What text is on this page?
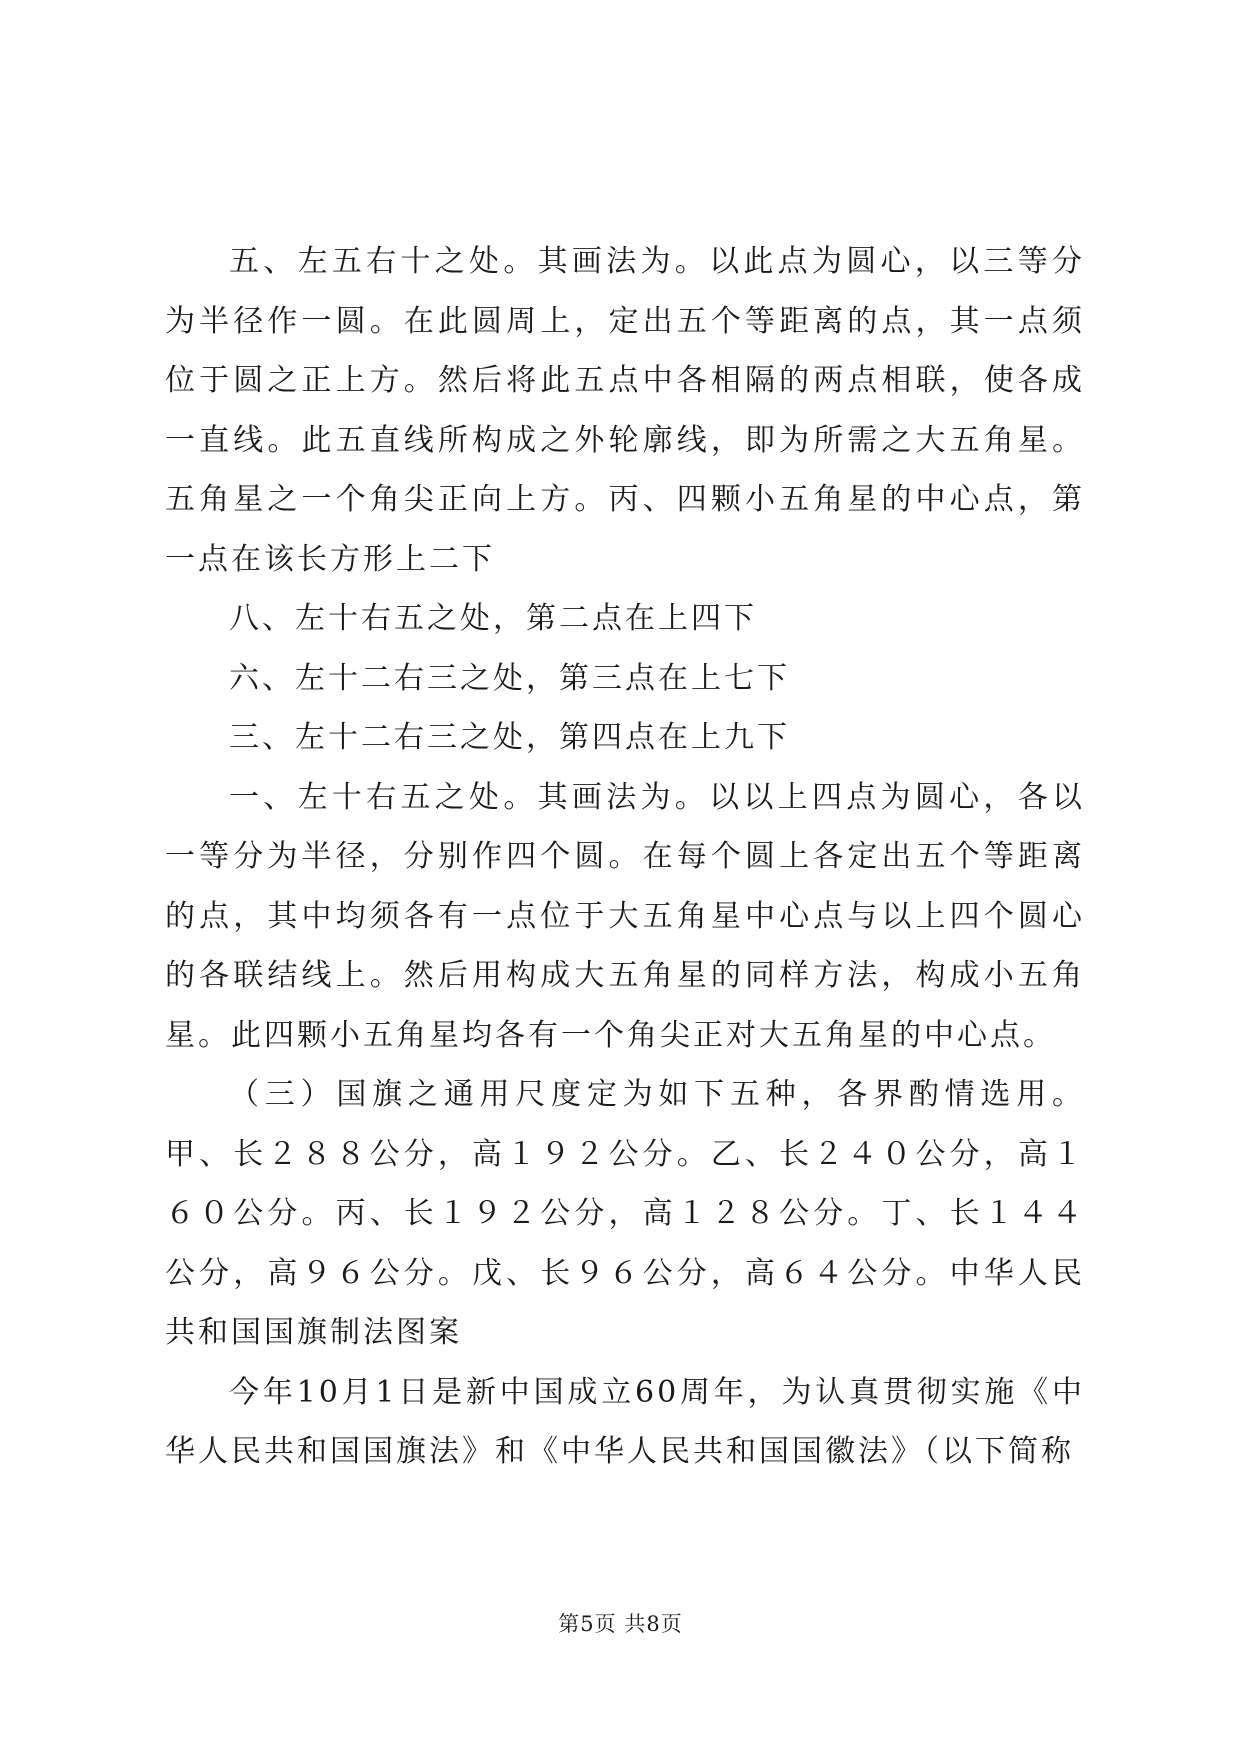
五、左五右十之处。其画法为。以此点为圆心，以三等分为半径作一圆。在此圆周上，定出五个等距离的点，其一点须位于圆之正上方。然后将此五点中各相隔的两点相联，使各成一直线。此五直线所构成之外轮廓线，即为所需之大五角星。五角星之一个角尖正向上方。丙、四颗小五角星的中心点，第一点在该长方形上二下

八、左十右五之处，第二点在上四下

六、左十二右三之处，第三点在上七下

三、左十二右三之处，第四点在上九下

一、左十右五之处。其画法为。以以上四点为圆心，各以一等分为半径，分别作四个圆。在每个圆上各定出五个等距离的点，其中均须各有一点位于大五角星中心点与以上四个圆心的各联结线上。然后用构成大五角星的同样方法，构成小五角星。此四颗小五角星均各有一个角尖正对大五角星的中心点。

（三）国旗之通用尺度定为如下五种，各界酌情选用。甲、长２８８公分，高１９２公分。乙、长２４０公分，高１６０公分。丙、长１９２公分，高１２８公分。丁、长１４４公分，高９６公分。戊、长９６公分，高６４公分。中华人民共和国国旗制法图案

今年10月1日是新中国成立60周年，为认真贯彻实施《中华人民共和国国旗法》和《中华人民共和国国徽法》（以下简称

第5页 共8页
